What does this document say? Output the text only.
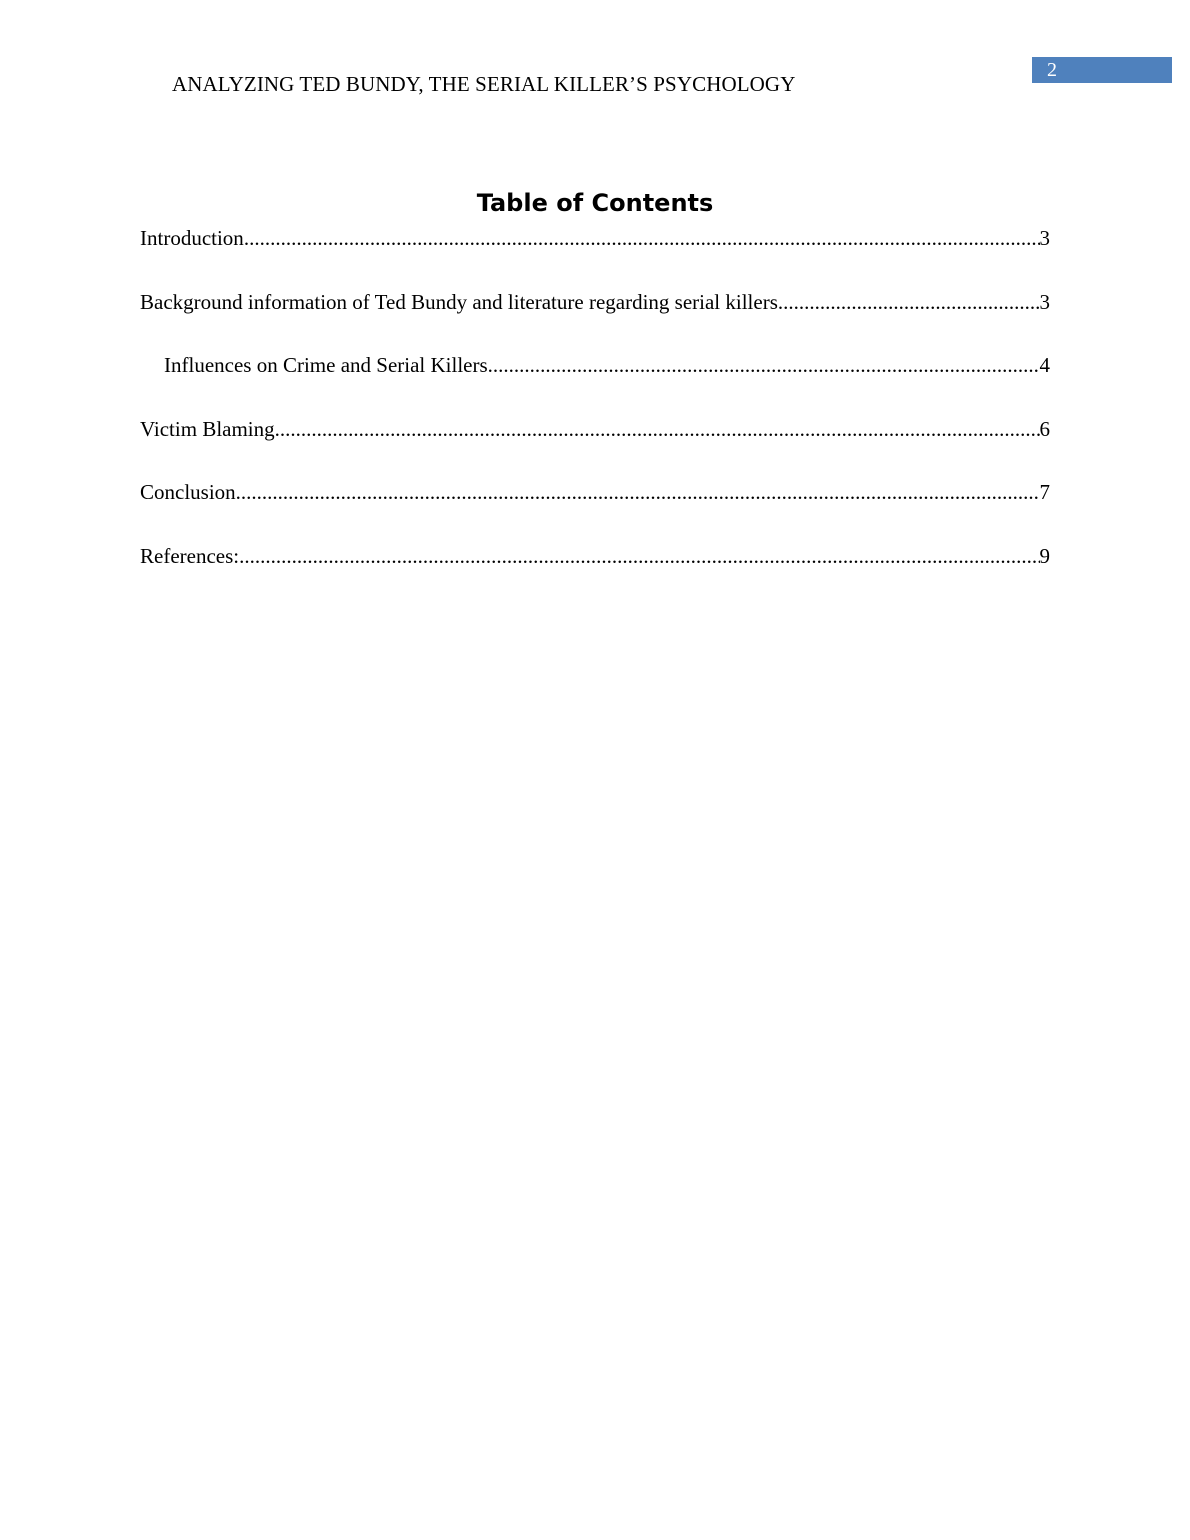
ANALYZING TED BUNDY, THE SERIAL KILLER’S PSYCHOLOGY
2
Table of Contents
Introduction .....	3
Background information of Ted Bundy and literature regarding serial killers .....	3
Influences on Crime and Serial Killers .....	4
Victim Blaming .....	6
Conclusion .....	7
References: .....	9
